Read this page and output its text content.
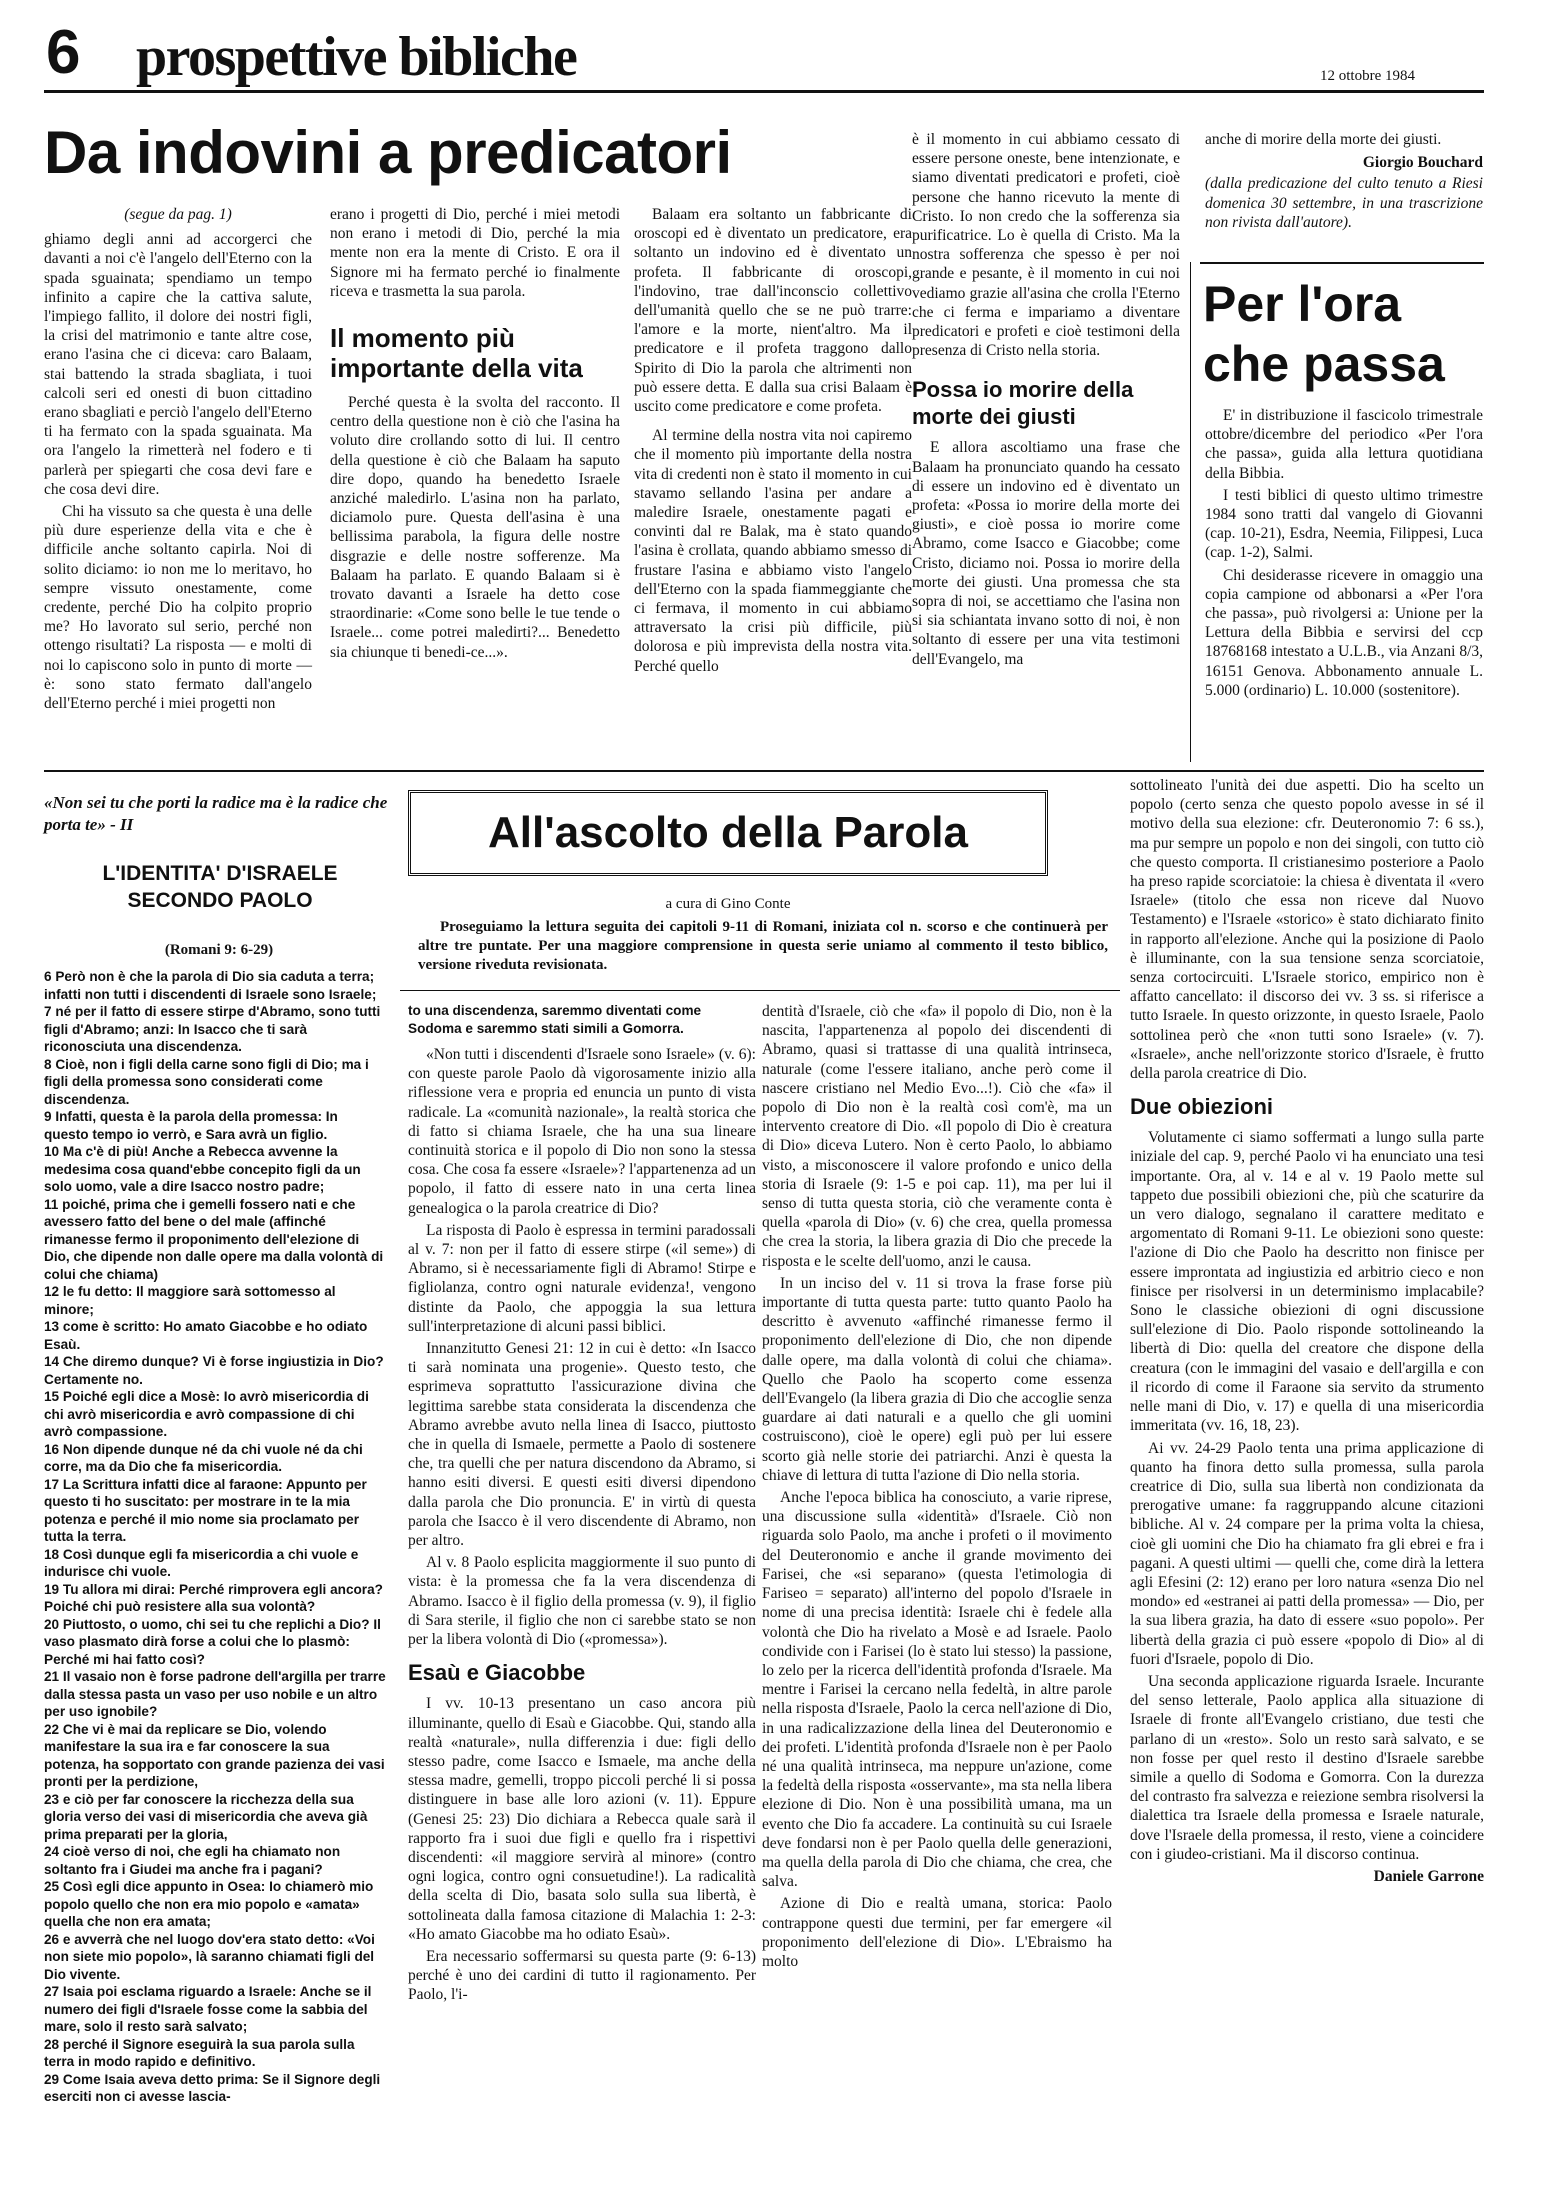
6 prospettive bibliche	12 ottobre 1984
Da indovini a predicatori
(segue da pag. 1)

ghiamo degli anni ad accorgerci che davanti a noi c'è l'angelo dell'Eterno con la spada sguainata; spendiamo un tempo infinito a capire che la cattiva salute, l'impiego fallito, il dolore dei nostri figli, la crisi del matrimonio e tante altre cose, erano l'asina che ci diceva: caro Balaam, stai battendo la strada sbagliata, i tuoi calcoli seri ed onesti di buon cittadino erano sbagliati e perciò l'angelo dell'Eterno ti ha fermato con la spada sguainata. Ma ora l'angelo la rimetterà nel fodero e ti parlerà per spiegarti che cosa devi fare e che cosa devi dire.

Chi ha vissuto sa che questa è una delle più dure esperienze della vita e che è difficile anche soltanto capirla. Noi di solito diciamo: io non me lo meritavo, ho sempre vissuto onestamente, come credente, perché Dio ha colpito proprio me? Ho lavorato sul serio, perché non ottengo risultati? La risposta — e molti di noi lo capiscono solo in punto di morte — è: sono stato fermato dall'angelo dell'Eterno perché i miei progetti non

erano i progetti di Dio, perché i miei metodi non erano i metodi di Dio, perché la mia mente non era la mente di Cristo. E ora il Signore mi ha fermato perché io finalmente riceva e trasmetta la sua parola.

Il momento più importante della vita

Perché questa è la svolta del racconto. Il centro della questione non è ciò che l'asina ha voluto dire crollando sotto di lui. Il centro della questione è ciò che Balaam ha saputo dire dopo, quando ha benedetto Israele anziché maledirlo. L'asina non ha parlato, diciamolo pure. Questa dell'asina è una bellissima parabola, la figura delle nostre disgrazie e delle nostre sofferenze. Ma Balaam ha parlato. E quando Balaam si è trovato davanti a Israele ha detto cose straordinarie: «Come sono belle le tue tende o Israele... come potrei maledirti?... Benedetto sia chiunque ti benedi-ce...».

Balaam era soltanto un fabbricante di oroscopi ed è diventato un predicatore, era soltanto un indovino ed è diventato un profeta. Il fabbricante di oroscopi, l'indovino, trae dall'inconscio collettivo dell'umanità quello che se ne può trarre: l'amore e la morte, nient'altro. Ma il predicatore e il profeta traggono dallo Spirito di Dio la parola che altrimenti non può essere detta. E dalla sua crisi Balaam è uscito come predicatore e come profeta.

Al termine della nostra vita noi capiremo che il momento più importante della nostra vita di credenti non è stato il momento in cui stavamo sellando l'asina per andare a maledire Israele, onestamente pagati e convinti dal re Balak, ma è stato quando l'asina è crollata, quando abbiamo smesso di frustare l'asina e abbiamo visto l'angelo dell'Eterno con la spada fiammeggiante che ci fermava, il momento in cui abbiamo attraversato la crisi più difficile, più dolorosa e più imprevista della nostra vita. Perché quello

è il momento in cui abbiamo cessato di essere persone oneste, bene intenzionate, e siamo diventati predicatori e profeti, cioè persone che hanno ricevuto la mente di Cristo. Io non credo che la sofferenza sia purificatrice. Lo è quella di Cristo. Ma la nostra sofferenza che spesso è per noi grande e pesante, è il momento in cui noi vediamo grazie all'asina che crolla l'Eterno che ci ferma e impariamo a diventare predicatori e profeti e cioè testimoni della presenza di Cristo nella storia.

Possa io morire della morte dei giusti

E allora ascoltiamo una frase che Balaam ha pronunciato quando ha cessato di essere un indovino ed è diventato un profeta: «Possa io morire della morte dei giusti», e cioè possa io morire come Abramo, come Isacco e Giacobbe; come Cristo, diciamo noi. Possa io morire della morte dei giusti. Una promessa che sta sopra di noi, se accettiamo che l'asina non si sia schiantata invano sotto di noi, è non soltanto di essere per una vita testimoni dell'Evangelo, ma

anche di morire della morte dei giusti.

Giorgio Bouchard
(dalla predicazione del culto tenuto a Riesi domenica 30 settembre, in una trascrizione non rivista dall'autore).
Per l'ora che passa

E' in distribuzione il fascicolo trimestrale ottobre/dicembre del periodico «Per l'ora che passa», guida alla lettura quotidiana della Bibbia.

I testi biblici di questo ultimo trimestre 1984 sono tratti dal vangelo di Giovanni (cap. 10-21), Esdra, Neemia, Filippesi, Luca (cap. 1-2), Salmi.

Chi desiderasse ricevere in omaggio una copia campione od abbonarsi a «Per l'ora che passa», può rivolgersi a: Unione per la Lettura della Bibbia e servirsi del ccp 18768168 intestato a U.L.B., via Anzani 8/3, 16151 Genova. Abbonamento annuale L. 5.000 (ordinario) L. 10.000 (sostenitore).

«Non sei tu che porti la radice ma è la radice che porta te» - II
L'IDENTITA' D'ISRAELE SECONDO PAOLO
(Romani 9: 6-29)
All'ascolto della Parola
a cura di Gino Conte
Proseguiamo la lettura seguita dei capitoli 9-11 di Romani, iniziata col n. scorso e che continuerà per altre tre puntate. Per una maggiore comprensione in questa serie uniamo al commento il testo biblico, versione riveduta revisionata.
6 Però non è che la parola di Dio sia caduta a terra; infatti non tutti i discendenti di Israele sono Israele;
7 né per il fatto di essere stirpe d'Abramo, sono tutti figli d'Abramo; anzi: In Isacco che ti sarà riconosciuta una discendenza.
8 Cioè, non i figli della carne sono figli di Dio; ma i figli della promessa sono considerati come discendenza.
9 Infatti, questa è la parola della promessa: In questo tempo io verrò, e Sara avrà un figlio.
10 Ma c'è di più! Anche a Rebecca avvenne la medesima cosa quand'ebbe concepito figli da un solo uomo, vale a dire Isacco nostro padre;
11 poiché, prima che i gemelli fossero nati e che avessero fatto del bene o del male (affinché rimanesse fermo il proponimento dell'elezione di Dio, che dipende non dalle opere ma dalla volontà di colui che chiama)
12 le fu detto: Il maggiore sarà sottomesso al minore;
13 come è scritto: Ho amato Giacobbe e ho odiato Esaù.
14 Che diremo dunque? Vi è forse ingiustizia in Dio? Certamente no.
15 Poiché egli dice a Mosè: Io avrò misericordia di chi avrò misericordia e avrò compassione di chi avrò compassione.
16 Non dipende dunque né da chi vuole né da chi corre, ma da Dio che fa misericordia.
17 La Scrittura infatti dice al faraone: Appunto per questo ti ho suscitato: per mostrare in te la mia potenza e perché il mio nome sia proclamato per tutta la terra.
18 Così dunque egli fa misericordia a chi vuole e indurisce chi vuole.
19 Tu allora mi dirai: Perché rimprovera egli ancora? Poiché chi può resistere alla sua volontà?
20 Piuttosto, o uomo, chi sei tu che replichi a Dio? Il vaso plasmato dirà forse a colui che lo plasmò: Perché mi hai fatto così?
21 Il vasaio non è forse padrone dell'argilla per trarre dalla stessa pasta un vaso per uso nobile e un altro per uso ignobile?
22 Che vi è mai da replicare se Dio, volendo manifestare la sua ira e far conoscere la sua potenza, ha sopportato con grande pazienza dei vasi pronti per la perdizione,
23 e ciò per far conoscere la ricchezza della sua gloria verso dei vasi di misericordia che aveva già prima preparati per la gloria,
24 cioè verso di noi, che egli ha chiamato non soltanto fra i Giudei ma anche fra i pagani?
25 Così egli dice appunto in Osea: Io chiamerò mio popolo quello che non era mio popolo e «amata» quella che non era amata;
26 e avverrà che nel luogo dov'era stato detto: «Voi non siete mio popolo», là saranno chiamati figli del Dio vivente.
27 Isaia poi esclama riguardo a Israele: Anche se il numero dei figli d'Israele fosse come la sabbia del mare, solo il resto sarà salvato;
28 perché il Signore eseguirà la sua parola sulla terra in modo rapido e definitivo.
29 Come Isaia aveva detto prima: Se il Signore degli eserciti non ci avesse lascia-

to una discendenza, saremmo diventati come Sodoma e saremmo stati simili a Gomorra.

«Non tutti i discendenti d'Israele sono Israele» (v. 6): con queste parole Paolo dà vigorosamente inizio alla riflessione vera e propria ed enuncia un punto di vista radicale. La «comunità nazionale», la realtà storica che di fatto si chiama Israele, che ha una sua lineare continuità storica e il popolo di Dio non sono la stessa cosa. Che cosa fa essere «Israele»? l'appartenenza ad un popolo, il fatto di essere nato in una certa linea genealogica o la parola creatrice di Dio?

La risposta di Paolo è espressa in termini paradossali al v. 7: non per il fatto di essere stirpe («il seme») di Abramo, si è necessariamente figli di Abramo! Stirpe e figliolanza, contro ogni naturale evidenza!, vengono distinte da Paolo, che appoggia la sua lettura sull'interpretazione di alcuni passi biblici.

Innanzitutto Genesi 21: 12 in cui è detto: «In Isacco ti sarà nominata una progenie». Questo testo, che esprimeva soprattutto l'assicurazione divina che legittima sarebbe stata considerata la discendenza che Abramo avrebbe avuto nella linea di Isacco, piuttosto che in quella di Ismaele, permette a Paolo di sostenere che, tra quelli che per natura discendono da Abramo, si hanno esiti diversi. E questi esiti diversi dipendono dalla parola che Dio pronuncia. E' in virtù di questa parola che Isacco è il vero discendente di Abramo, non per altro.

Al v. 8 Paolo esplicita maggiormente il suo punto di vista: è la promessa che fa la vera discendenza di Abramo. Isacco è il figlio della promessa (v. 9), il figlio di Sara sterile, il figlio che non ci sarebbe stato se non per la libera volontà di Dio («promessa»).

Esaù e Giacobbe

I vv. 10-13 presentano un caso ancora più illuminante, quello di Esaù e Giacobbe. Qui, stando alla realtà «naturale», nulla differenzia i due: figli dello stesso padre, come Isacco e Ismaele, ma anche della stessa madre, gemelli, troppo piccoli perché li si possa distinguere in base alle loro azioni (v. 11). Eppure (Genesi 25: 23) Dio dichiara a Rebecca quale sarà il rapporto fra i suoi due figli e quello fra i rispettivi discendenti: «il maggiore servirà al minore» (contro ogni logica, contro ogni consuetudine!). La radicalità della scelta di Dio, basata solo sulla sua libertà, è sottolineata dalla famosa citazione di Malachia 1: 2-3: «Ho amato Giacobbe ma ho odiato Esaù».

Era necessario soffermarsi su questa parte (9: 6-13) perché è uno dei cardini di tutto il ragionamento. Per Paolo, l'i-

dentità d'Israele, ciò che «fa» il popolo di Dio, non è la nascita, l'appartenenza al popolo dei discendenti di Abramo, quasi si trattasse di una qualità intrinseca, naturale (come l'essere italiano, anche però come il nascere cristiano nel Medio Evo...!). Ciò che «fa» il popolo di Dio non è la realtà così com'è, ma un intervento creatore di Dio. «Il popolo di Dio è creatura di Dio» diceva Lutero. Non è certo Paolo, lo abbiamo visto, a misconoscere il valore profondo e unico della storia di Israele (9: 1-5 e poi cap. 11), ma per lui il senso di tutta questa storia, ciò che veramente conta è quella «parola di Dio» (v. 6) che crea, quella promessa che crea la storia, la libera grazia di Dio che precede la risposta e le scelte dell'uomo, anzi le causa.

In un inciso del v. 11 si trova la frase forse più importante di tutta questa parte: tutto quanto Paolo ha descritto è avvenuto «affinché rimanesse fermo il proponimento dell'elezione di Dio, che non dipende dalle opere, ma dalla volontà di colui che chiama». Quello che Paolo ha scoperto come essenza dell'Evangelo (la libera grazia di Dio che accoglie senza guardare ai dati naturali e a quello che gli uomini costruiscono), cioè le opere) egli può per lui essere scorto già nelle storie dei patriarchi. Anzi è questa la chiave di lettura di tutta l'azione di Dio nella storia.

Anche l'epoca biblica ha conosciuto, a varie riprese, una discussione sulla «identità» d'Israele. Ciò non riguarda solo Paolo, ma anche i profeti o il movimento del Deuteronomio e anche il grande movimento dei Farisei, che «si separano» (questa l'etimologia di Fariseo = separato) all'interno del popolo d'Israele in nome di una precisa identità: Israele chi è fedele alla volontà che Dio ha rivelato a Mosè e ad Israele. Paolo condivide con i Farisei (lo è stato lui stesso) la passione, lo zelo per la ricerca dell'identità profonda d'Israele. Ma mentre i Farisei la cercano nella fedeltà, in altre parole nella risposta d'Israele, Paolo la cerca nell'azione di Dio, in una radicalizzazione della linea del Deuteronomio e dei profeti. L'identità profonda d'Israele non è per Paolo né una qualità intrinseca, ma neppure un'azione, come la fedeltà della risposta «osservante», ma sta nella libera elezione di Dio. Non è una possibilità umana, ma un evento che Dio fa accadere. La continuità su cui Israele deve fondarsi non è per Paolo quella delle generazioni, ma quella della parola di Dio che chiama, che crea, che salva.

Azione di Dio e realtà umana, storica: Paolo contrappone questi due termini, per far emergere «il proponimento dell'elezione di Dio». L'Ebraismo ha molto

sottolineato l'unità dei due aspetti. Dio ha scelto un popolo (certo senza che questo popolo avesse in sé il motivo della sua elezione: cfr. Deuteronomio 7: 6 ss.), ma pur sempre un popolo e non dei singoli, con tutto ciò che questo comporta. Il cristianesimo posteriore a Paolo ha preso rapide scorciatoie: la chiesa è diventata il «vero Israele» (titolo che essa non riceve dal Nuovo Testamento) e l'Israele «storico» è stato dichiarato finito in rapporto all'elezione. Anche qui la posizione di Paolo è illuminante, con la sua tensione senza scorciatoie, senza cortocircuiti. L'Israele storico, empirico non è affatto cancellato: il discorso dei vv. 3 ss. si riferisce a tutto Israele. In questo orizzonte, in questo Israele, Paolo sottolinea però che «non tutti sono Israele» (v. 7). «Israele», anche nell'orizzonte storico d'Israele, è frutto della parola creatrice di Dio.

Due obiezioni

Volutamente ci siamo soffermati a lungo sulla parte iniziale del cap. 9, perché Paolo vi ha enunciato una tesi importante. Ora, al v. 14 e al v. 19 Paolo mette sul tappeto due possibili obiezioni che, più che scaturire da un vero dialogo, segnalano il carattere meditato e argomentato di Romani 9-11. Le obiezioni sono queste: l'azione di Dio che Paolo ha descritto non finisce per essere improntata ad ingiustizia ed arbitrio cieco e non finisce per risolversi in un determinismo implacabile? Sono le classiche obiezioni di ogni discussione sull'elezione di Dio. Paolo risponde sottolineando la libertà di Dio: quella del creatore che dispone della creatura (con le immagini del vasaio e dell'argilla e con il ricordo di come il Faraone sia servito da strumento nelle mani di Dio, v. 17) e quella di una misericordia immeritata (vv. 16, 18, 23).

Ai vv. 24-29 Paolo tenta una prima applicazione di quanto ha finora detto sulla promessa, sulla parola creatrice di Dio, sulla sua libertà non condizionata da prerogative umane: fa raggruppando alcune citazioni bibliche. Al v. 24 compare per la prima volta la chiesa, cioè gli uomini che Dio ha chiamato fra gli ebrei e fra i pagani. A questi ultimi — quelli che, come dirà la lettera agli Efesini (2: 12) erano per loro natura «senza Dio nel mondo» ed «estranei ai patti della promessa» — Dio, per la sua libera grazia, ha dato di essere «suo popolo». Per libertà della grazia ci può essere «popolo di Dio» al di fuori d'Israele, popolo di Dio.

Una seconda applicazione riguarda Israele. Incurante del senso letterale, Paolo applica alla situazione di Israele di fronte all'Evangelo cristiano, due testi che parlano di un «resto». Solo un resto sarà salvato, e se non fosse per quel resto il destino d'Israele sarebbe simile a quello di Sodoma e Gomorra. Con la durezza del contrasto fra salvezza e reiezione sembra risolversi la dialettica tra Israele della promessa e Israele naturale, dove l'Israele della promessa, il resto, viene a coincidere con i giudeo-cristiani. Ma il discorso continua.

Daniele Garrone
